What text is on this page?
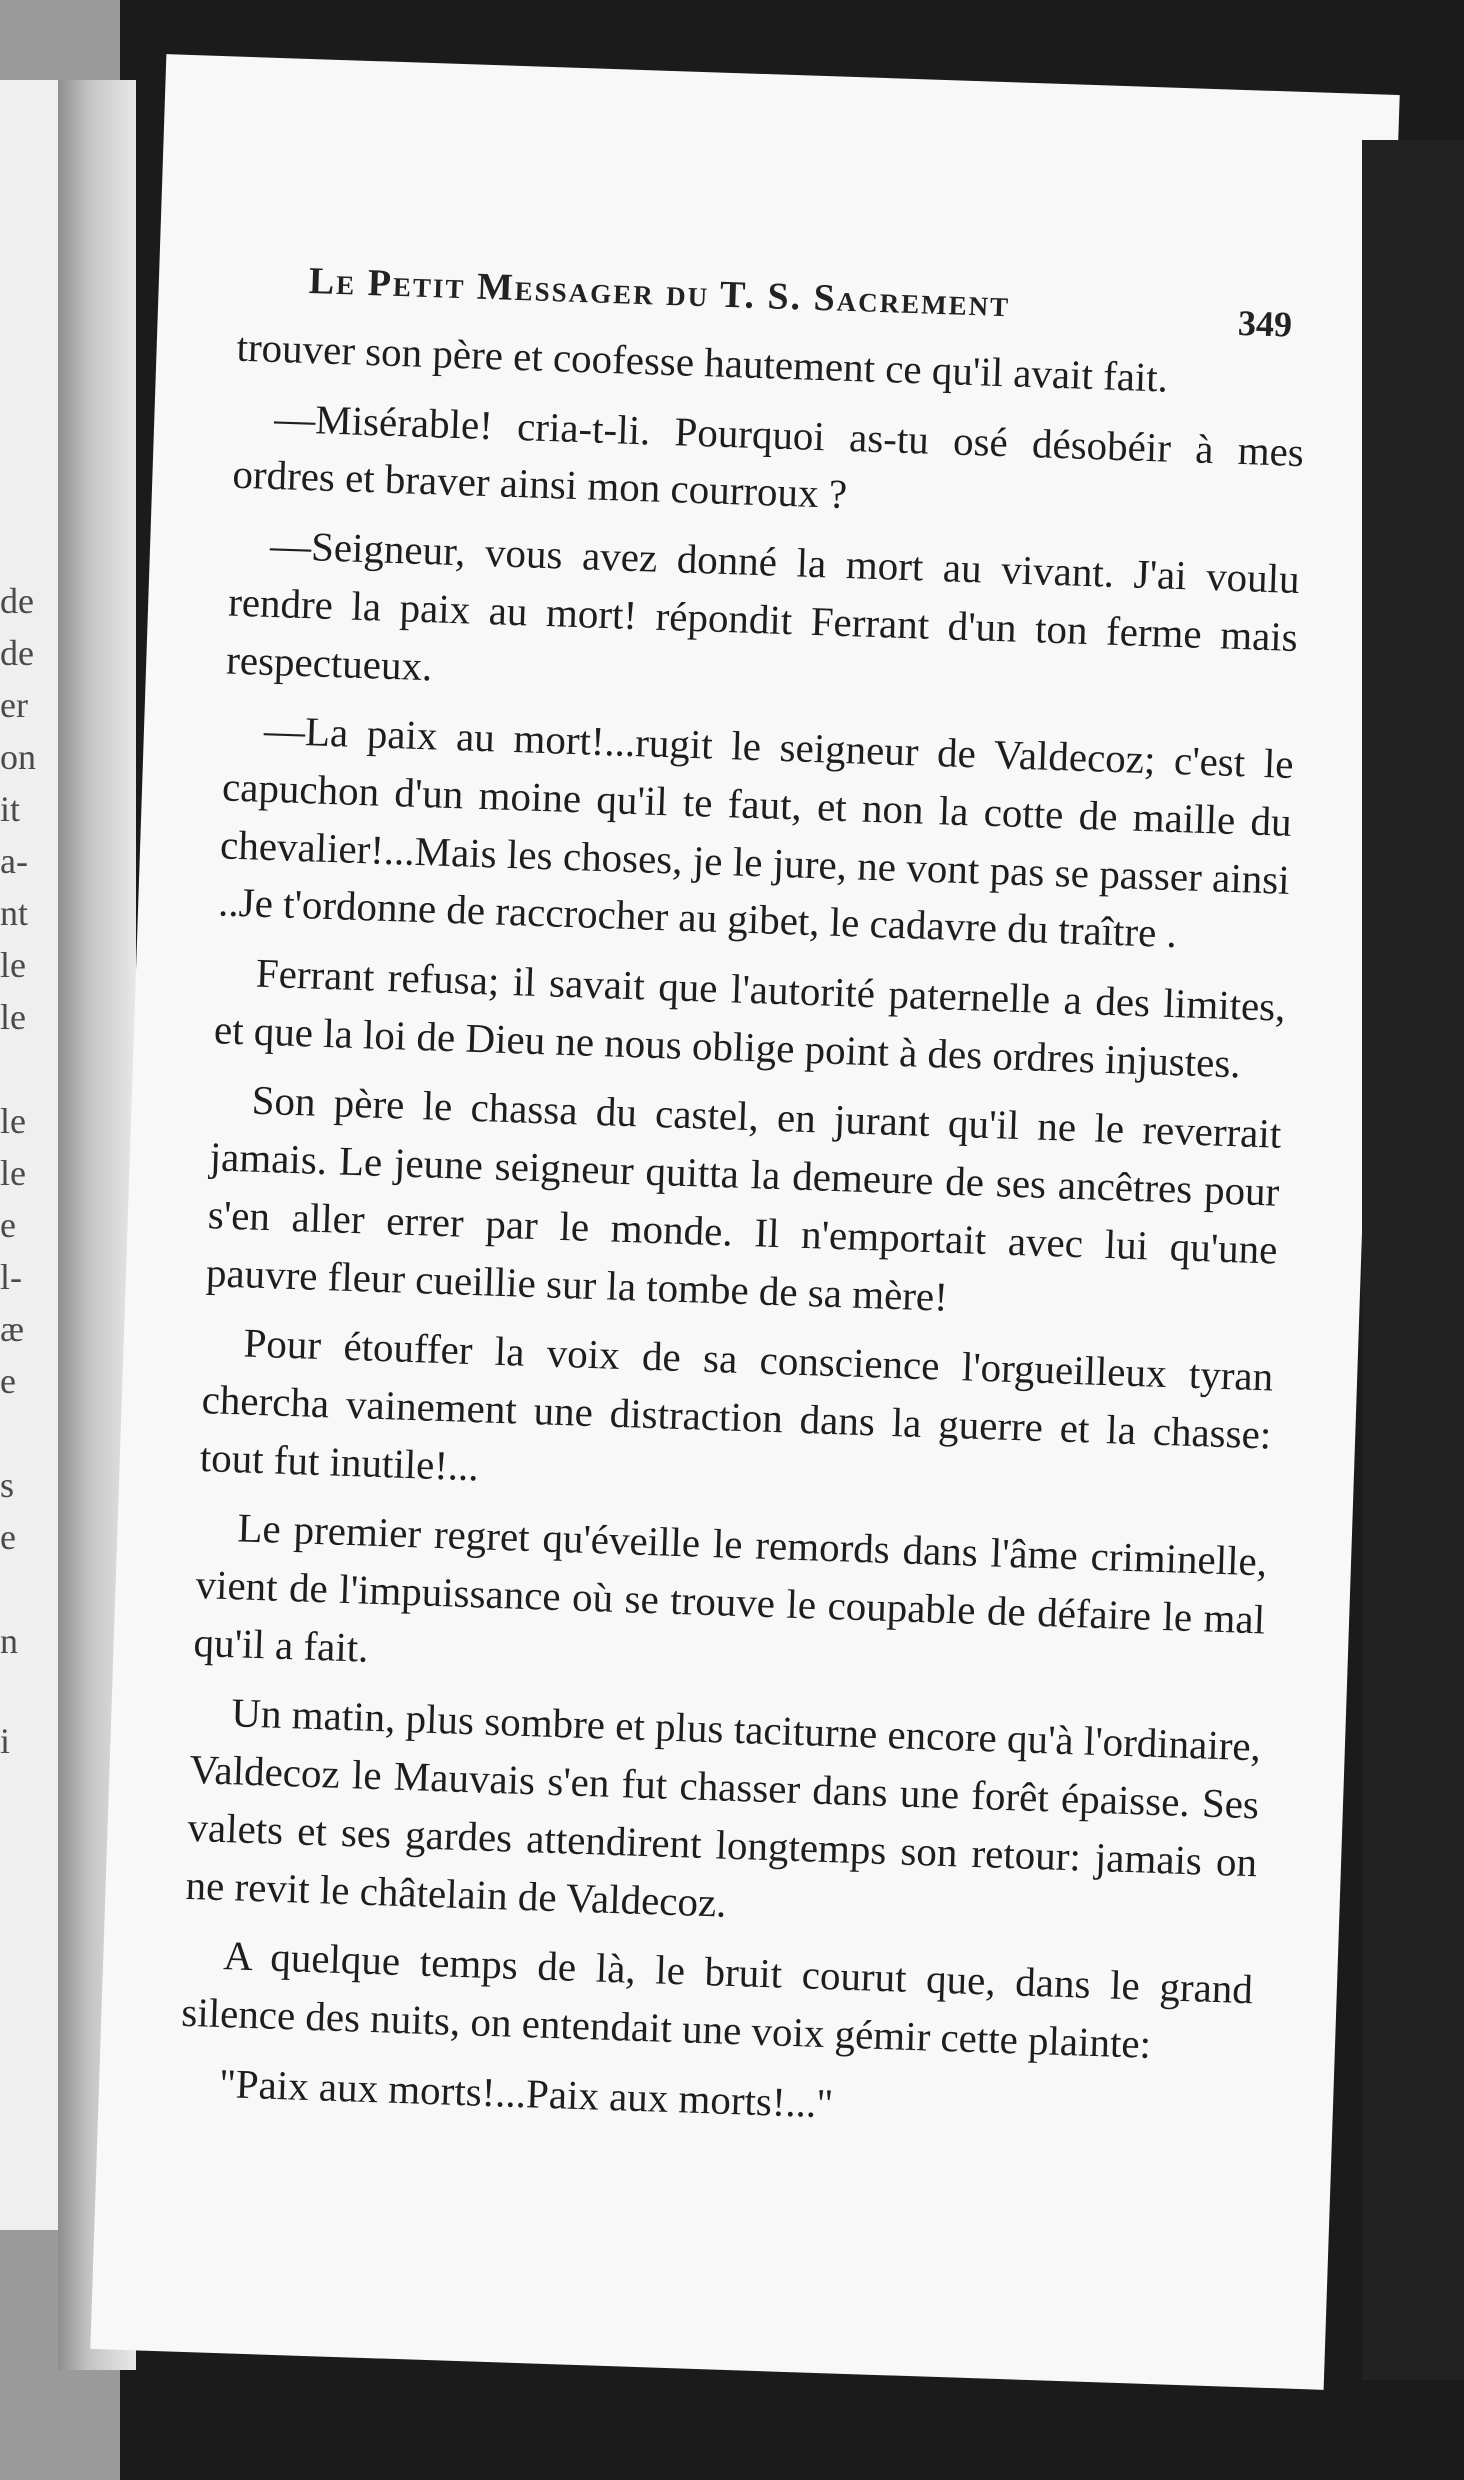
de
de
er
on
it
a-
nt
le
le
le
le
e
l-
æ
e
s
e
n
i
Le Petit Messager du T. S. Sacrement	349

trouver son père et coofesse hautement ce qu'il avait fait.

—Misérable! cria-t-li. Pourquoi as-tu osé désobéir à mes ordres et braver ainsi mon courroux ?

—Seigneur, vous avez donné la mort au vivant. J'ai voulu rendre la paix au mort! répondit Ferrant d'un ton ferme mais respectueux.

—La paix au mort!...rugit le seigneur de Valdecoz; c'est le capuchon d'un moine qu'il te faut, et non la cotte de maille du chevalier!...Mais les choses, je le jure, ne vont pas se passer ainsi ..Je t'ordonne de raccrocher au gibet, le cadavre du traître .

Ferrant refusa; il savait que l'autorité paternelle a des limites, et que la loi de Dieu ne nous oblige point à des ordres injustes.

Son père le chassa du castel, en jurant qu'il ne le reverrait jamais. Le jeune seigneur quitta la demeure de ses ancêtres pour s'en aller errer par le monde. Il n'emportait avec lui qu'une pauvre fleur cueillie sur la tombe de sa mère!

Pour étouffer la voix de sa conscience l'orgueilleux tyran chercha vainement une distraction dans la guerre et la chasse: tout fut inutile!...

Le premier regret qu'éveille le remords dans l'âme criminelle, vient de l'impuissance où se trouve le coupable de défaire le mal qu'il a fait.

Un matin, plus sombre et plus taciturne encore qu'à l'ordinaire, Valdecoz le Mauvais s'en fut chasser dans une forêt épaisse. Ses valets et ses gardes attendirent longtemps son retour: jamais on ne revit le châtelain de Valdecoz.

A quelque temps de là, le bruit courut que, dans le grand silence des nuits, on entendait une voix gémir cette plainte:

"Paix aux morts!...Paix aux morts!..."
